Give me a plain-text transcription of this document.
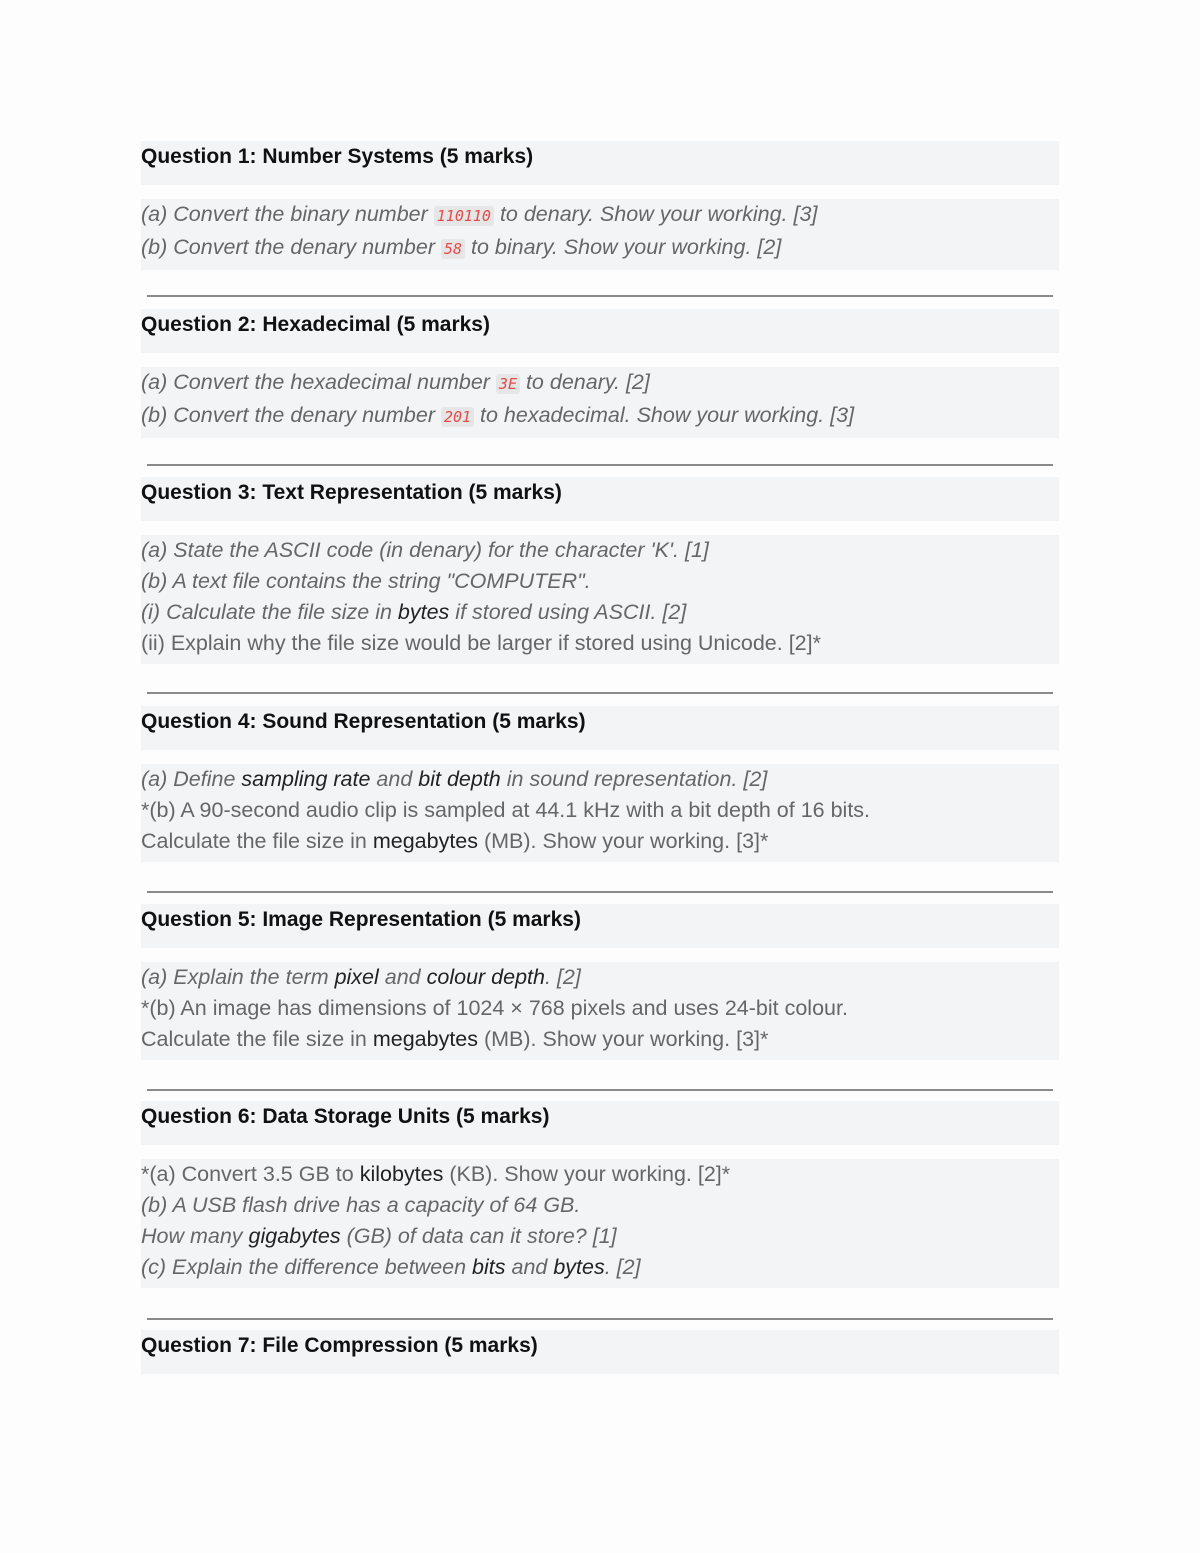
Question 1: Number Systems (5 marks)
(a) Convert the binary number 110110 to denary. Show your working. [3]
(b) Convert the denary number 58 to binary. Show your working. [2]
Question 2: Hexadecimal (5 marks)
(a) Convert the hexadecimal number 3E to denary. [2]
(b) Convert the denary number 201 to hexadecimal. Show your working. [3]
Question 3: Text Representation (5 marks)
(a) State the ASCII code (in denary) for the character 'K'. [1]
(b) A text file contains the string "COMPUTER".
(i) Calculate the file size in bytes if stored using ASCII. [2]
(ii) Explain why the file size would be larger if stored using Unicode. [2]*
Question 4: Sound Representation (5 marks)
(a) Define sampling rate and bit depth in sound representation. [2]
*(b) A 90-second audio clip is sampled at 44.1 kHz with a bit depth of 16 bits.
Calculate the file size in megabytes (MB). Show your working. [3]*
Question 5: Image Representation (5 marks)
(a) Explain the term pixel and colour depth. [2]
*(b) An image has dimensions of 1024 × 768 pixels and uses 24-bit colour.
Calculate the file size in megabytes (MB). Show your working. [3]*
Question 6: Data Storage Units (5 marks)
*(a) Convert 3.5 GB to kilobytes (KB). Show your working. [2]*
(b) A USB flash drive has a capacity of 64 GB.
How many gigabytes (GB) of data can it store? [1]
(c) Explain the difference between bits and bytes. [2]
Question 7: File Compression (5 marks)
